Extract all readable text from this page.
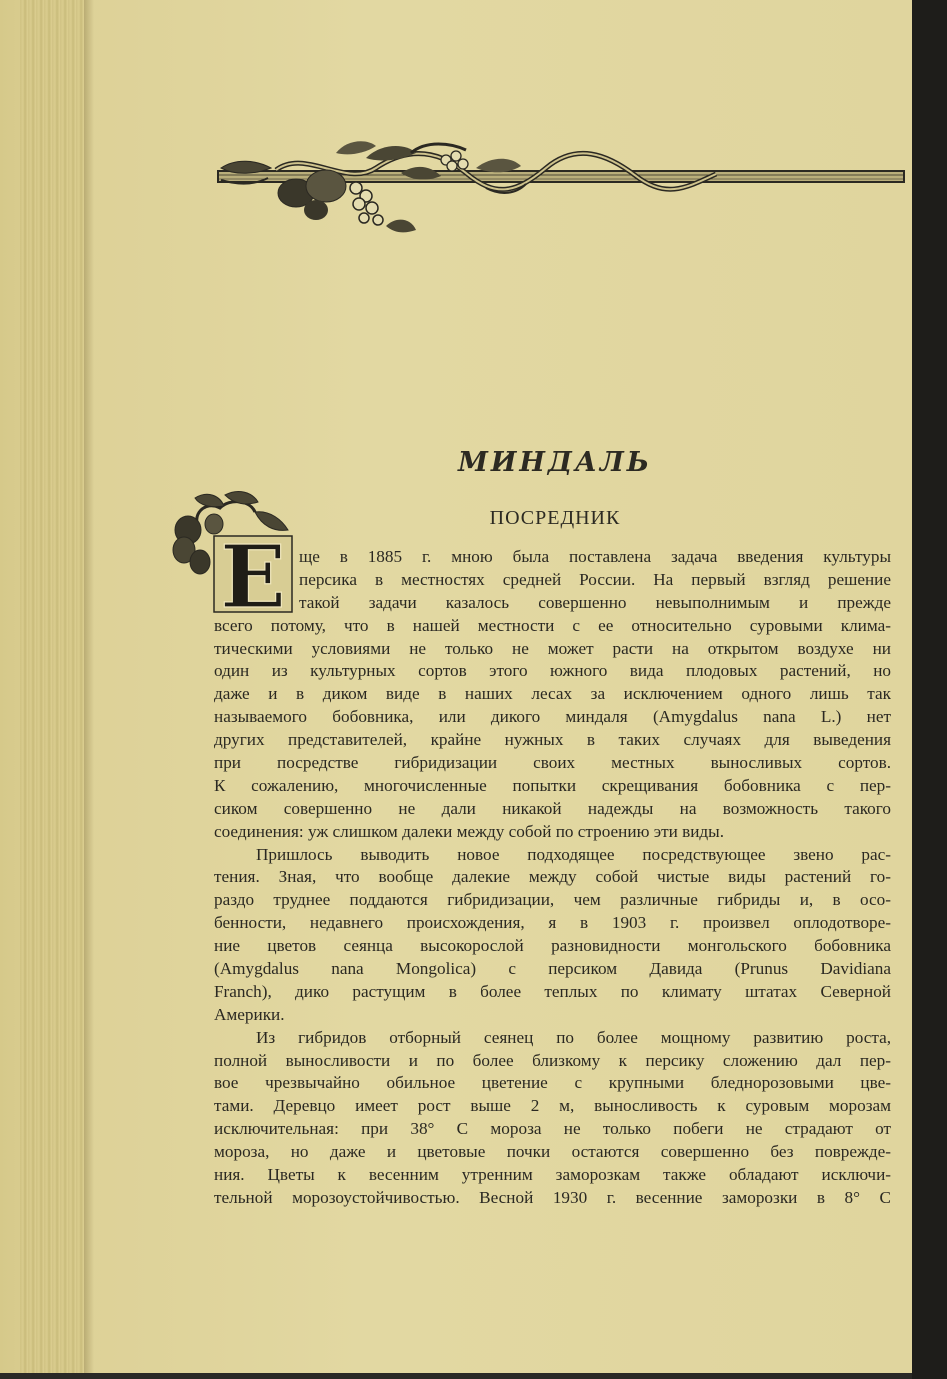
МИНДАЛЬ
ПОСРЕДНИК
Е ще в 1885 г. мною была поставлена задача введения культуры
персика в местностях средней России. На первый взгляд решение
такой задачи казалось совершенно невыполнимым и прежде
всего потому, что в нашей местности с ее относительно суровыми клима-
тическими условиями не только не может расти на открытом воздухе ни
один из культурных сортов этого южного вида плодовых растений, но
даже и в диком виде в наших лесах за исключением одного лишь так
называемого бобовника, или дикого миндаля (Amygdalus nana L.) нет
других представителей, крайне нужных в таких случаях для выведения
при посредстве гибридизации своих местных выносливых сортов.
К сожалению, многочисленные попытки скрещивания бобовника с пер-
сиком совершенно не дали никакой надежды на возможность такого
соединения: уж слишком далеки между собой по строению эти виды.
Пришлось выводить новое подходящее посредствующее звено рас-
тения. Зная, что вообще далекие между собой чистые виды растений го-
раздо труднее поддаются гибридизации, чем различные гибриды и, в осо-
бенности, недавнего происхождения, я в 1903 г. произвел оплодотворе-
ние цветов сеянца высокорослой разновидности монгольского бобовника
(Amygdalus nana Mongolica) с персиком Давида (Prunus Davidiana
Franch), дико растущим в более теплых по климату штатах Северной
Америки.
Из гибридов отборный сеянец по более мощному развитию роста,
полной выносливости и по более близкому к персику сложению дал пер-
вое чрезвычайно обильное цветение с крупными бледнорозовыми цве-
тами. Деревцо имеет рост выше 2 м, выносливость к суровым морозам
исключительная: при 38° С мороза не только побеги не страдают от
мороза, но даже и цветовые почки остаются совершенно без поврежде-
ния. Цветы к весенним утренним заморозкам также обладают исключи-
тельной морозоустойчивостью. Весной 1930 г. весенние заморозки в 8° С
